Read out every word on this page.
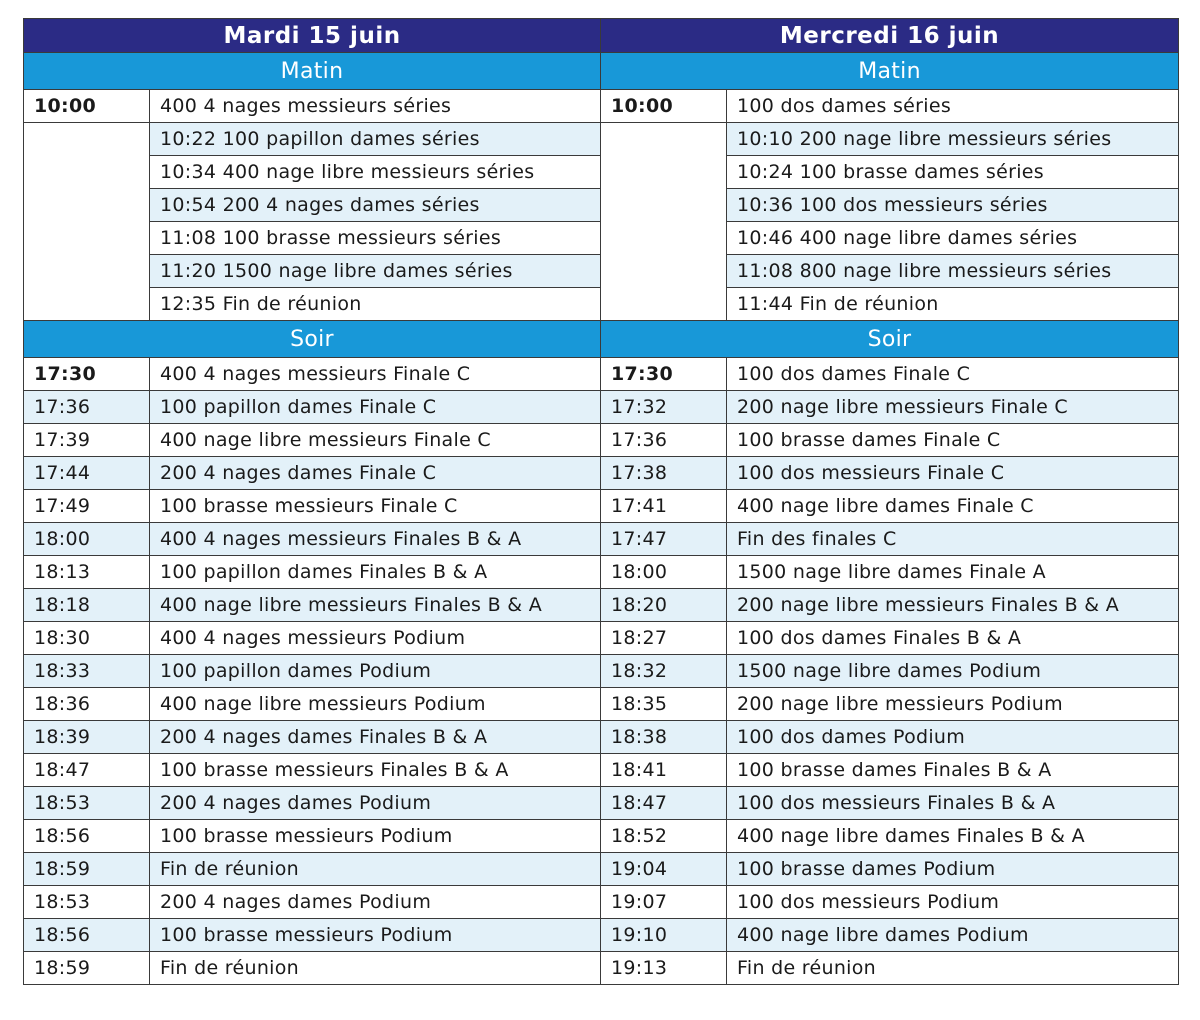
Mardi 15 juin		Mercredi 16 juin	
Matin		Matin	
10:00	400 4 nages messieurs séries	10:00	100 dos dames séries
	10:22 100 papillon dames séries		10:10 200 nage libre messieurs séries
	10:34 400 nage libre messieurs séries		10:24 100 brasse dames séries
	10:54 200 4 nages dames séries		10:36 100 dos messieurs séries
	11:08 100 brasse messieurs séries		10:46 400 nage libre dames séries
	11:20 1500 nage libre dames séries		11:08 800 nage libre messieurs séries
	12:35 Fin de réunion		11:44 Fin de réunion
Soir		Soir	
17:30	400 4 nages messieurs Finale C	17:30	100 dos dames Finale C
17:36	100 papillon dames Finale C	17:32	200 nage libre messieurs Finale C
17:39	400 nage libre messieurs Finale C	17:36	100 brasse dames Finale C
17:44	200 4 nages dames Finale C	17:38	100 dos messieurs Finale C
17:49	100 brasse messieurs Finale C	17:41	400 nage libre dames Finale C
18:00	400 4 nages messieurs Finales B & A	17:47	Fin des finales C
18:13	100 papillon dames Finales B & A	18:00	1500 nage libre dames Finale A
18:18	400 nage libre messieurs Finales B & A	18:20	200 nage libre messieurs Finales B & A
18:30	400 4 nages messieurs Podium	18:27	100 dos dames Finales B & A
18:33	100 papillon dames Podium	18:32	1500 nage libre dames Podium
18:36	400 nage libre messieurs Podium	18:35	200 nage libre messieurs Podium
18:39	200 4 nages dames Finales B & A	18:38	100 dos dames Podium
18:47	100 brasse messieurs Finales B & A	18:41	100 brasse dames Finales B & A
18:53	200 4 nages dames Podium	18:47	100 dos messieurs Finales B & A
18:56	100 brasse messieurs Podium	18:52	400 nage libre dames Finales B & A
18:59	Fin de réunion	19:04	100 brasse dames Podium
18:53	200 4 nages dames Podium	19:07	100 dos messieurs Podium
18:56	100 brasse messieurs Podium	19:10	400 nage libre dames Podium
18:59	Fin de réunion	19:13	Fin de réunion
